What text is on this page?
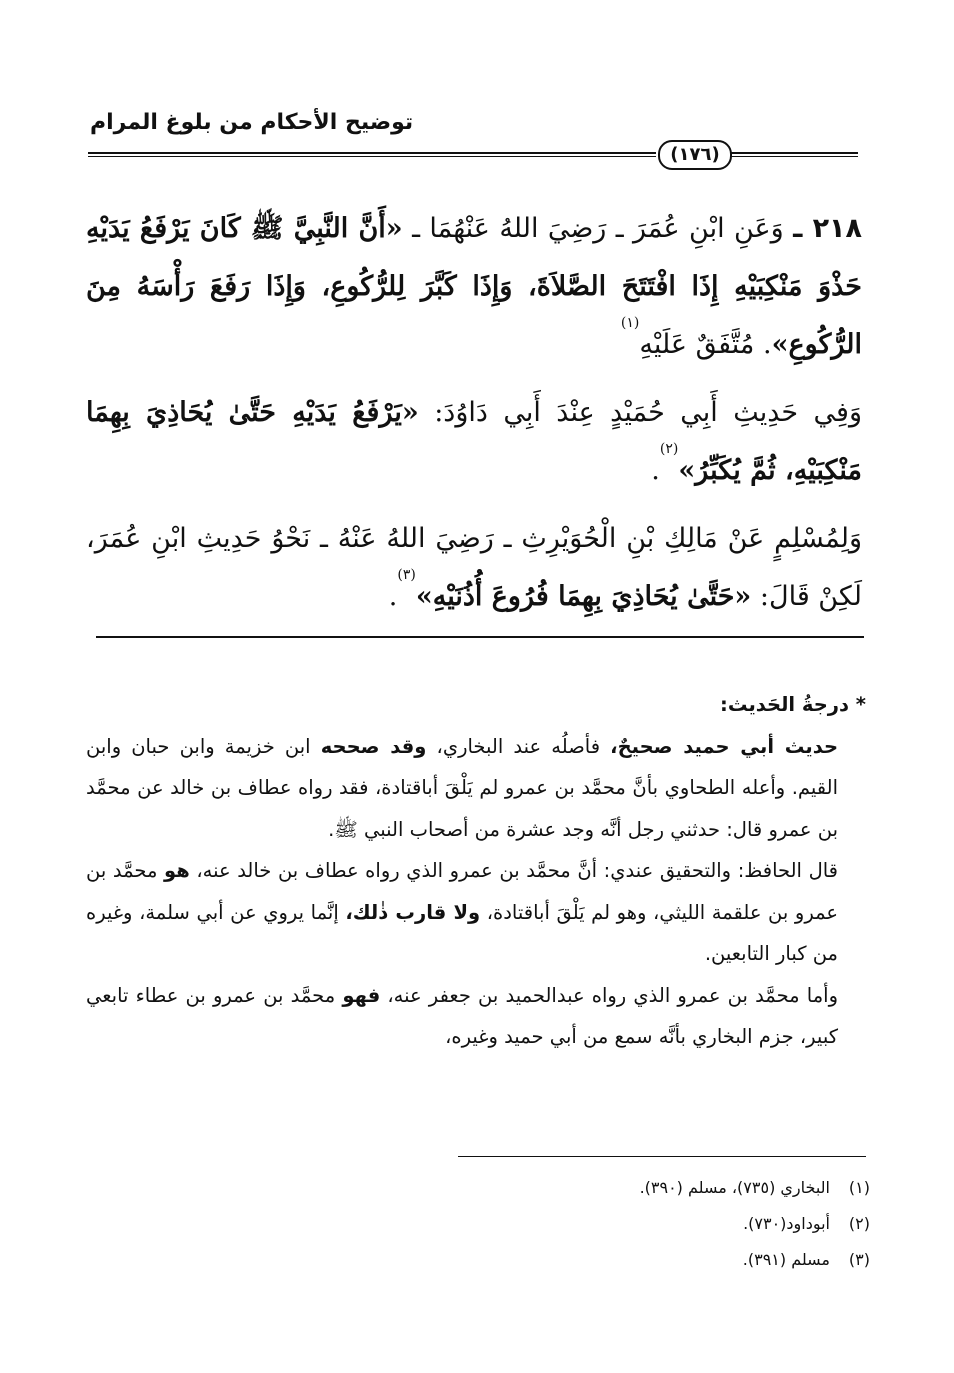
توضيح الأحكام من بلوغ المرام
(١٧٦)

٢١٨ ـ وَعَنِ ابْنِ عُمَرَ ـ رَضِيَ اللهُ عَنْهُمَا ـ «أَنَّ النَّبِيَّ ﷺ كَانَ يَرْفَعُ يَدَيْهِ حَذْوَ مَنْكِبَيْهِ إِذَا افْتَتَحَ الصَّلاَةَ، وَإِذَا كَبَّرَ لِلرُّكُوعِ، وَإِذَا رَفَعَ رَأْسَهُ مِنَ الرُّكُوعِ». مُتَّفَقٌ عَلَيْهِ$^{(١)}$

وَفِي حَدِيثِ أَبِي حُمَيْدٍ عِنْدَ أَبِي دَاوُدَ: «يَرْفَعُ يَدَيْهِ حَتَّىٰ يُحَاذِيَ بِهِمَا مَنْكِبَيْهِ، ثُمَّ يُكَبِّرُ»$^{(٢)}$.

وَلِمُسْلِمٍ عَنْ مَالِكِ بْنِ الْحُوَيْرِثِ ـ رَضِيَ اللهُ عَنْهُ ـ نَحْوُ حَدِيثِ ابْنِ عُمَرَ، لَكِنْ قَالَ: «حَتَّىٰ يُحَاذِيَ بِهِمَا فُرُوعَ أُذُنَيْهِ»$^{(٣)}$.

* درجةُ الحَديث:

حديث أبي حميد صحيحٌ، فأصلُه عند البخاري، وقد صححه ابن خزيمة وابن حبان وابن القيم. وأعله الطحاوي بأنَّ محمَّد بن عمرو لم يَلْقَ أباقتادة، فقد رواه عطاف بن خالد عن محمَّد بن عمرو قال: حدثني رجل أنَّه وجد عشرة من أصحاب النبي ﷺ.

قال الحافظ: والتحقيق عندي: أنَّ محمَّد بن عمرو الذي رواه عطاف بن خالد عنه، هو محمَّد بن عمرو بن علقمة الليثي، وهو لم يَلْقَ أباقتادة، ولا قارب ذٰلك، إنَّما يروي عن أبي سلمة، وغيره من كبار التابعين.

وأما محمَّد بن عمرو الذي رواه عبدالحميد بن جعفر عنه، فهو محمَّد بن عمرو بن عطاء تابعي كبير، جزم البخاري بأنَّه سمع من أبي حميد وغيره،

(١)البخاري (٧٣٥)، مسلم (٣٩٠).
(٢)أبوداود(٧٣٠).
(٣)مسلم (٣٩١).
